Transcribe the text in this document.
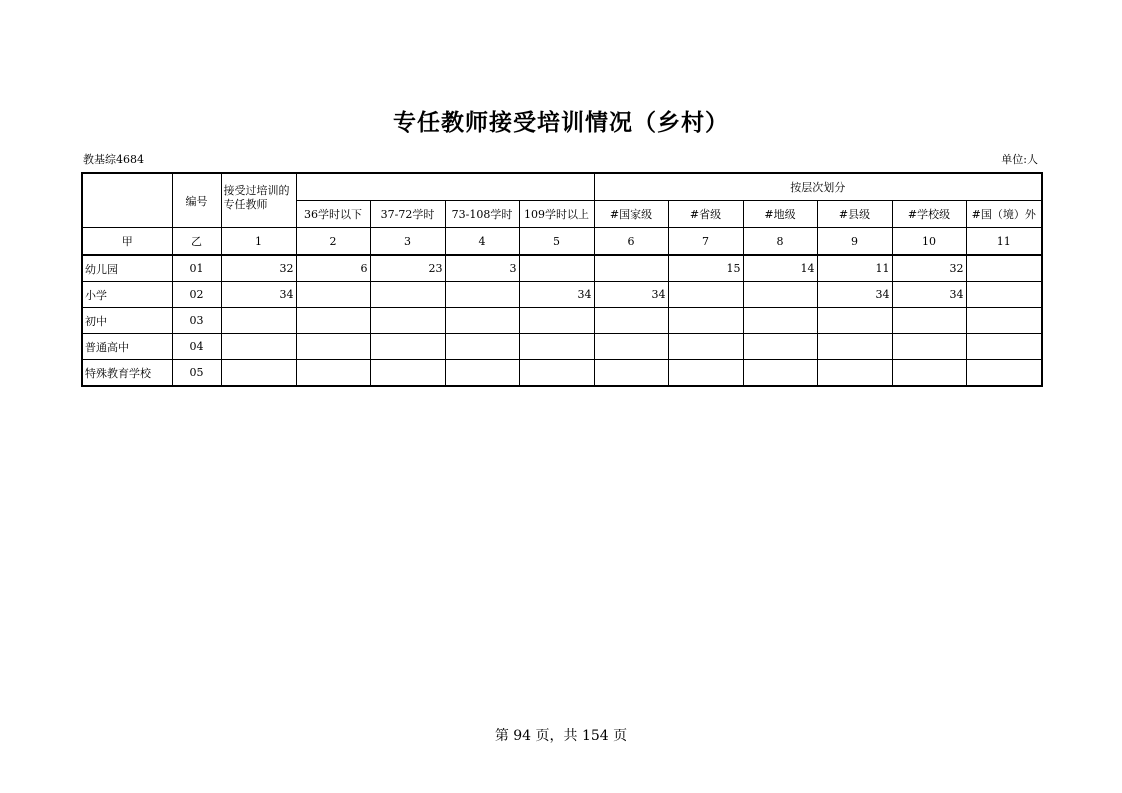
专任教师接受培训情况（乡村）
教基综4684	单位:人
	编号	接受过培训的专任教师					按层次划分					
			36学时以下	37-72学时	73-108学时	109学时以上	#国家级	#省级	#地级	#县级	#学校级	#国（境）外
甲	乙	1	2	3	4	5	6	7	8	9	10	11
幼儿园	01	32	6	23	3			15	14	11	32	
小学	02	34				34	34			34	34	
初中	03											
普通高中	04											
特殊教育学校	05											
第 94 页，共 154 页
